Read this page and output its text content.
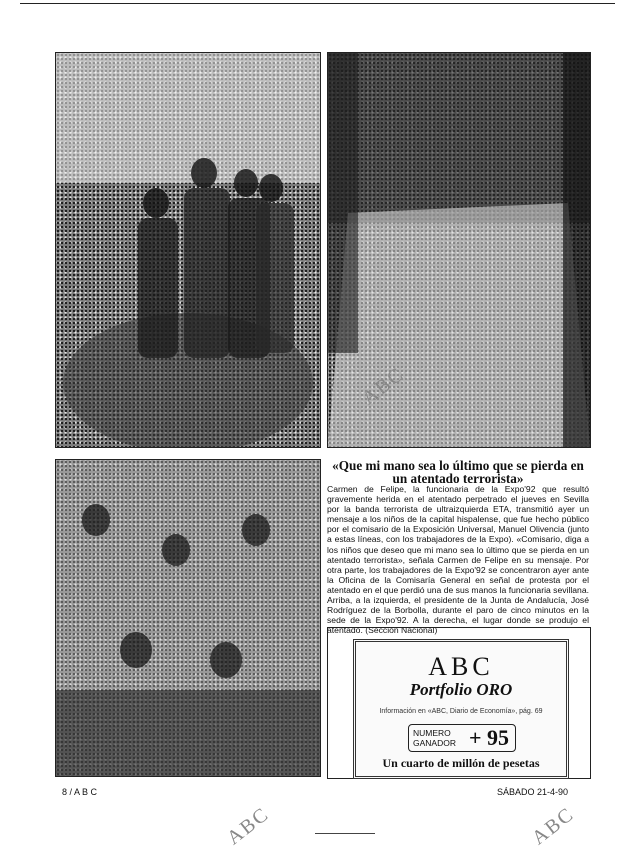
ABC
ABC	ABC
«Que mi mano sea lo último que se pierda en un atentado terrorista»
Carmen de Felipe, la funcionaria de la Expo'92 que resultó gravemente herida en el atentado perpetrado el jueves en Sevilla por la banda terrorista de ultraizquierda ETA, transmitió ayer un mensaje a los niños de la capital hispalense, que fue hecho público por el comisario de la Exposición Universal, Manuel Olivencia (junto a estas líneas, con los trabajadores de la Expo). «Comisario, diga a los niños que deseo que mi mano sea lo último que se pierda en un atentado terrorista», señala Carmen de Felipe en su mensaje. Por otra parte, los trabajadores de la Expo'92 se concentraron ayer ante la Oficina de la Comisaría General en señal de protesta por el atentado en el que perdió una de sus manos la funcionaria sevillana. Arriba, a la izquierda, el presidente de la Junta de Andalucía, José Rodríguez de la Borbolla, durante el paro de cinco minutos en la sede de la Expo'92. A la derecha, el lugar donde se produjo el atentado. (Sección Nacional)
ABC
Portfolio ORO
Información en «ABC, Diario de Economía», pág. 69
NUMERO GANADOR + 95
Un cuarto de millón de pesetas
8 / A B C	SÁBADO 21-4-90
